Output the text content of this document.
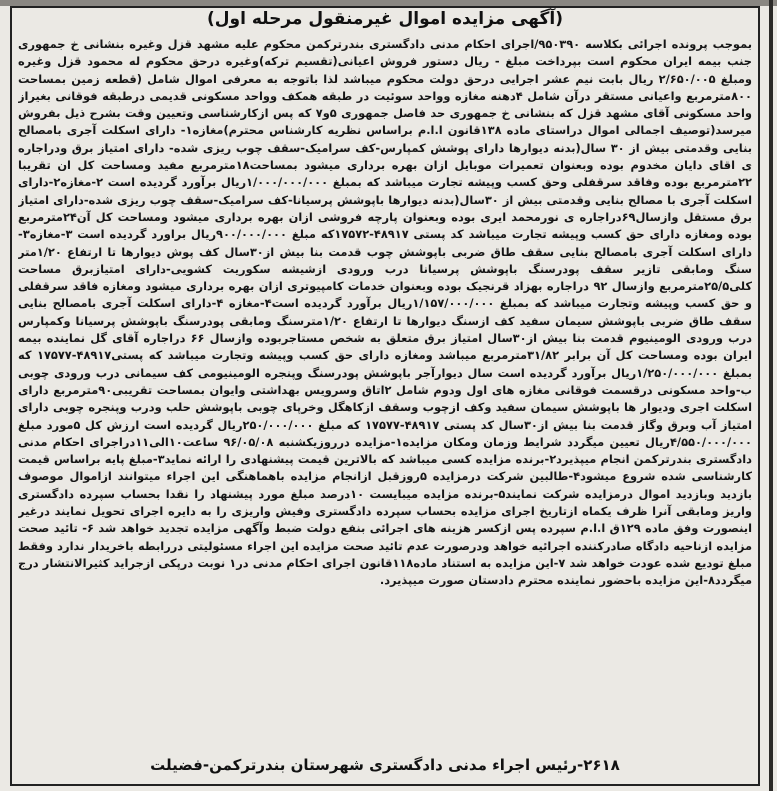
(آگهی مزایده اموال غیرمنقول مرحله اول)
بموجب پرونده اجرائی بکلاسه ۹۵۰۳۹۰/اجرای احکام مدنی دادگستری بندرترکمن محکوم علیه مشهد قزل وغیره بنشانی خ جمهوری جنب بیمه ایران محکوم است بپرداخت مبلغ - ریال دستور فروش اعیانی(تقسیم ترکه)وغیره درحق محکوم له محمود قزل وغیره ومبلغ ۲/۶۵۰/۰۰۵ ریال بابت نیم عشر اجرایی درحق دولت محکوم میباشد لذا باتوجه به معرفی اموال شامل (قطعه زمین بمساحت ۸۰۰مترمربع واعیانی مستقر درآن شامل ۴دهنه مغازه وواحد سوئیت در طبقه همکف وواحد مسکونی قدیمی درطبقه فوقانی بغیراز واحد مسکونی آقای مشهد قزل که بنشانی خ جمهوری حد فاصل جمهوری ۵و۷ که پس ازکارشناسی وتعیین وقت بشرح ذیل بفروش میرسد(توصیف اجمالی اموال دراستای ماده ۱۳۸قانون ا.ا.م براساس نظریه کارشناس محترم)مغازه۱- دارای اسکلت آجری بامصالح بنایی وقدمتی بیش از ۳۰ سال(بدنه دیوارها دارای پوشش کمپارس-کف سرامیک-سقف چوب ریزی شده- دارای امتیاز برق ودراجاره ی اقای دایان مخدوم بوده وبعنوان تعمیرات موبایل ازان بهره برداری میشود بمساحت۱۸مترمربع مفید ومساحت کل ان تقریبا ۲۲مترمربع بوده وفاقد سرقفلی وحق کسب وپیشه تجارت میباشد که بمبلغ ۱/۰۰۰/۰۰۰/۰۰۰ریال برآورد گردیده است ۲-مغازه۲-دارای اسکلت آجری با مصالح بنایی وقدمتی بیش از ۳۰سال(بدنه دیوارها باپوشش پرسیانا-کف سرامیک-سقف چوب ریزی شده-دارای امتیاز برق مستقل وازسال۶۹دراجاره ی نورمحمد ایری بوده وبعنوان پارچه فروشی ازان بهره برداری میشود ومساحت کل آن۲۴مترمربع بوده ومغازه دارای حق کسب وپیشه تجارت میباشد کد پستی ۴۸۹۱۷-۱۷۵۷۲که مبلغ ۹۰۰/۰۰۰/۰۰۰ریال براورد گردیده است ۳-مغازه۳-دارای اسکلت آجری بامصالح بنایی سقف طاق ضربی باپوشش چوب قدمت بنا بیش از۳۰سال کف پوش دیوارها تا ارتفاع ۱/۲۰متر سنگ ومابقی تازیر سقف پودرسنگ باپوشش پرسیانا درب ورودی ازشیشه سکوریت کشویی-دارای امتیازبرق مساحت کلی۲۵/۵مترمربع وازسال ۹۲ دراجاره بهزاد قرنجیک بوده وبعنوان خدمات کامپیوتری ازان بهره برداری میشود ومغازه فاقد سرقفلی و حق کسب وپیشه وتجارت میباشد که بمبلغ ۱/۱۵۷/۰۰۰/۰۰۰ریال برآورد گردیده است۴-مغازه ۴-دارای اسکلت آجری بامصالح بنایی سقف طاق ضربی باپوشش سیمان سفید کف ازسنگ دیوارها تا ارتفاع ۱/۲۰مترسنگ ومابقی پودرسنگ باپوشش پرسیانا وکمپارس درب ورودی الومینیوم قدمت بنا بیش از۳۰سال امتیاز برق متعلق به شخص مستاجربوده وازسال ۶۶ دراجاره آقای گل نماینده بیمه ایران بوده ومساحت کل آن برابر ۳۱/۸۲مترمربع میباشد ومغازه دارای حق کسب وپیشه وتجارت میباشد که پستی۴۸۹۱۷-۱۷۵۷۷ که بمبلغ ۱/۲۵۰/۰۰۰/۰۰۰ریال برآورد گردیده است سال دیوارآجر باپوشش پودرسنگ وپنجره الومینیومی کف سیمانی درب ورودی چوبی ب-واحد مسکونی درقسمت فوقانی مغازه های اول ودوم شامل ۲اتاق وسرویس بهداشتی وایوان بمساحت تقریبی۹۰مترمربع دارای اسکلت اجری وديوار ها باپوشش سیمان سفید وکف ازچوب وسقف ازکاهگل وخرپای چوبی باپوشش حلب ودرب وپنجره چوبی دارای امتیاز آب وبرق وگاز قدمت بنا بیش از۳۰سال کد پستی ۴۸۹۱۷-۱۷۵۷۷ که مبلغ ۲۵۰/۰۰۰/۰۰۰ریال گردیده است ارزش کل ۵مورد مبلغ ۴/۵۵۰/۰۰۰/۰۰۰ریال تعیین میگردد شرایط وزمان ومکان مزایده۱-مزایده درروزیکشنبه ۹۶/۰۵/۰۸ ساعت۱۰الی۱۱دراجرای احکام مدنی دادگستری بندرترکمن انجام میپذیرد۲-برنده مزایده کسی میباشد که بالاترین قیمت پیشنهادی را ارائه نماید۳-مبلغ پایه براساس قیمت کارشناسی شده شروع میشود۴-طالبین شرکت درمزایده ۵روزقبل ازانجام مزایده باهماهنگی این اجراء میتوانند ازاموال موصوف بازدید وبازدید اموال درمزایده شرکت نمایند۵-برنده مزایده میبایست ۱۰درصد مبلغ مورد پیشنهاد را نقدا بحساب سپرده دادگستری واریز ومابقی آنرا ظرف یکماه ازتاریخ اجرای مزایده بحساب سپرده دادگستری وفیش واریزی را به دایره اجرای تحویل نمایند درغیر اینصورت وفق ماده ۱۲۹ق ا.ا.م سپرده پس ازکسر هزینه های اجرائی بنفع دولت ضبط وآگهی مزایده تجدید خواهد شد ۶- تائید صحت مزایده ازناحیه دادگاه صادرکننده اجرائیه خواهد ودرصورت عدم تائید صحت مزایده این اجراء مسئولیتی دررابطه باخریدار ندارد وفقط مبلغ تودیع شده عودت خواهد شد ۷-این مزایده به استناد ماده۱۱۸قانون اجرای احکام مدنی در۱ نوبت درپکی ازجراید کثیرالانتشار درج میگردد۸-این مزایده باحضور نماینده محترم دادستان صورت میپذیرد.
۲۶۱۸-رئیس اجراء مدنی دادگستری شهرستان بندرترکمن-فضیلت
